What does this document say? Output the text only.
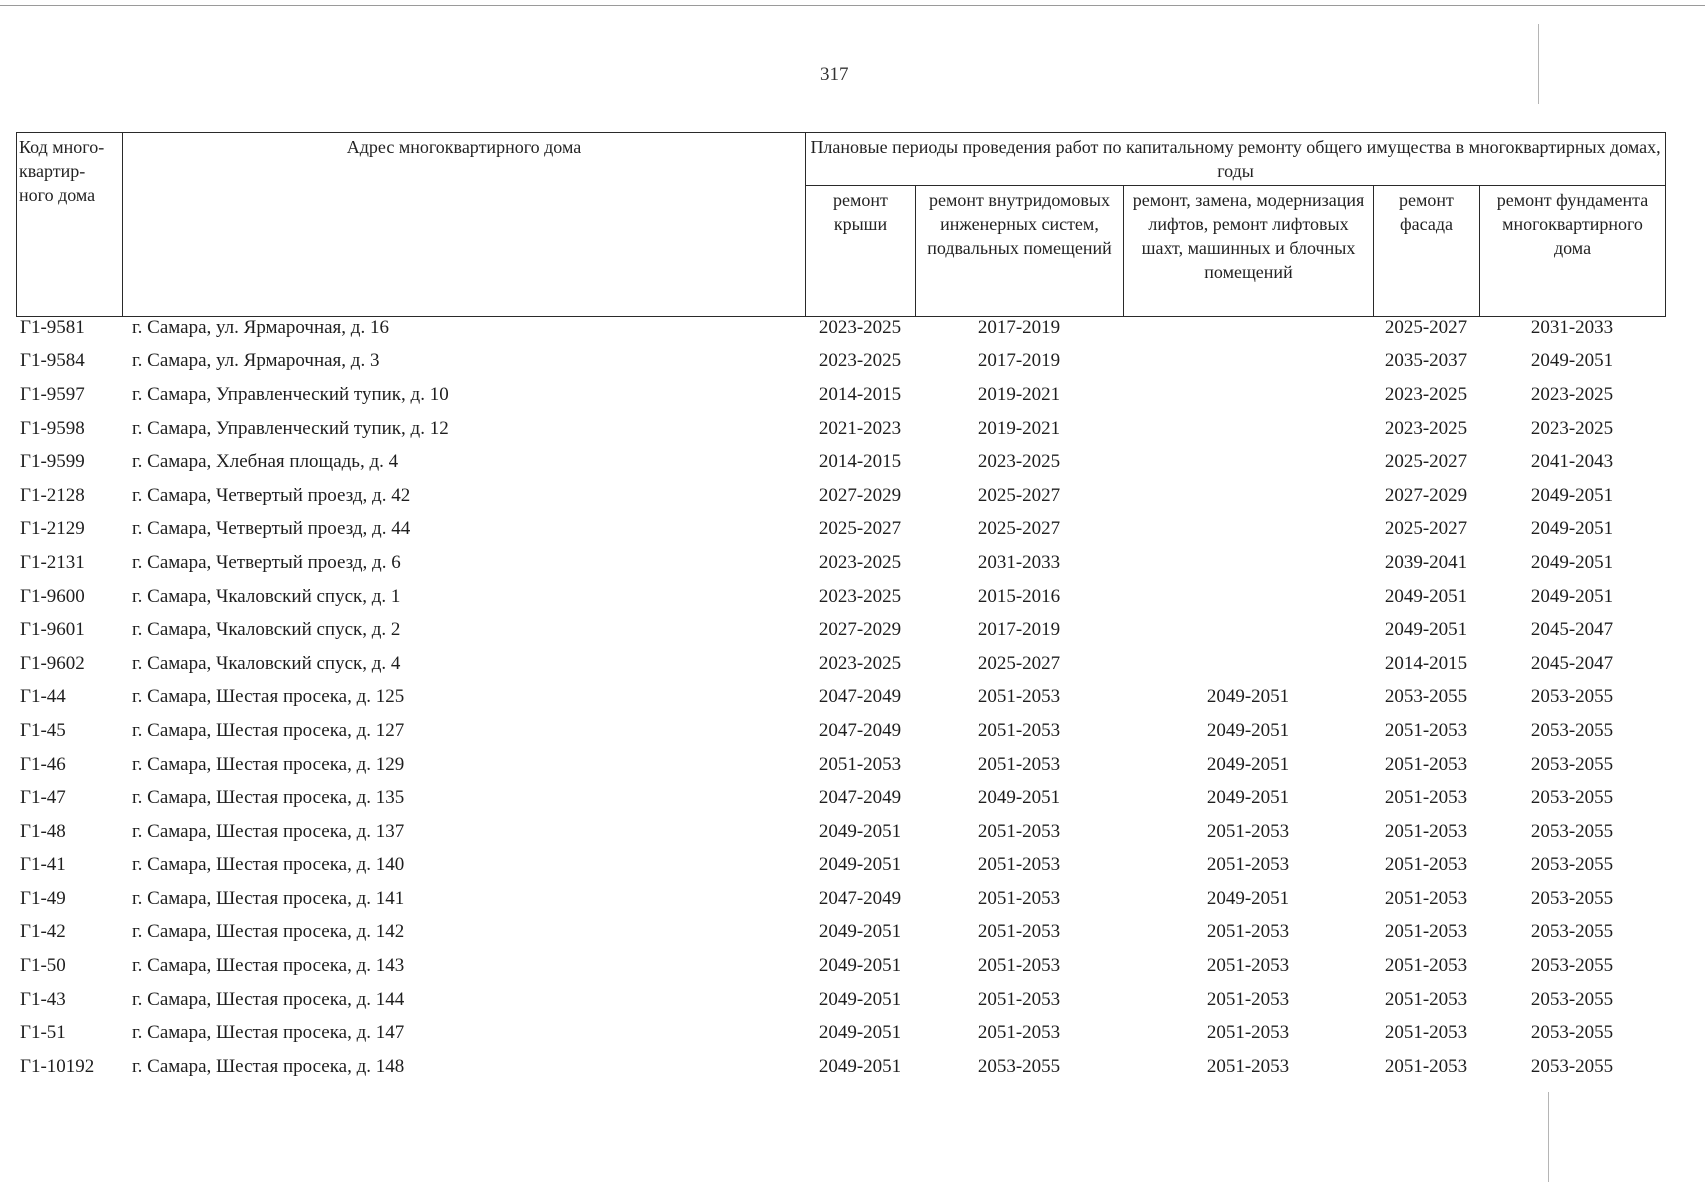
317
Код много-квартир-ного дома	Адрес многоквартирного дома	Плановые периоды проведения работ по капитальному ремонту общего имущества в многоквартирных домах, годы				
		ремонт крыши	ремонт внутридомовых инженерных систем, подвальных помещений	ремонт, замена, модернизация лифтов, ремонт лифтовых шахт, машинных и блочных помещений	ремонт фасада	ремонт фундамента многоквартирного дома
Г1-9581	г. Самара, ул. Ярмарочная, д. 16	2023-2025	2017-2019		2025-2027	2031-2033
Г1-9584	г. Самара, ул. Ярмарочная, д. 3	2023-2025	2017-2019		2035-2037	2049-2051
Г1-9597	г. Самара, Управленческий тупик, д. 10	2014-2015	2019-2021		2023-2025	2023-2025
Г1-9598	г. Самара, Управленческий тупик, д. 12	2021-2023	2019-2021		2023-2025	2023-2025
Г1-9599	г. Самара, Хлебная площадь, д. 4	2014-2015	2023-2025		2025-2027	2041-2043
Г1-2128	г. Самара, Четвертый проезд, д. 42	2027-2029	2025-2027		2027-2029	2049-2051
Г1-2129	г. Самара, Четвертый проезд, д. 44	2025-2027	2025-2027		2025-2027	2049-2051
Г1-2131	г. Самара, Четвертый проезд, д. 6	2023-2025	2031-2033		2039-2041	2049-2051
Г1-9600	г. Самара, Чкаловский спуск, д. 1	2023-2025	2015-2016		2049-2051	2049-2051
Г1-9601	г. Самара, Чкаловский спуск, д. 2	2027-2029	2017-2019		2049-2051	2045-2047
Г1-9602	г. Самара, Чкаловский спуск, д. 4	2023-2025	2025-2027		2014-2015	2045-2047
Г1-44	г. Самара, Шестая просека, д. 125	2047-2049	2051-2053	2049-2051	2053-2055	2053-2055
Г1-45	г. Самара, Шестая просека, д. 127	2047-2049	2051-2053	2049-2051	2051-2053	2053-2055
Г1-46	г. Самара, Шестая просека, д. 129	2051-2053	2051-2053	2049-2051	2051-2053	2053-2055
Г1-47	г. Самара, Шестая просека, д. 135	2047-2049	2049-2051	2049-2051	2051-2053	2053-2055
Г1-48	г. Самара, Шестая просека, д. 137	2049-2051	2051-2053	2051-2053	2051-2053	2053-2055
Г1-41	г. Самара, Шестая просека, д. 140	2049-2051	2051-2053	2051-2053	2051-2053	2053-2055
Г1-49	г. Самара, Шестая просека, д. 141	2047-2049	2051-2053	2049-2051	2051-2053	2053-2055
Г1-42	г. Самара, Шестая просека, д. 142	2049-2051	2051-2053	2051-2053	2051-2053	2053-2055
Г1-50	г. Самара, Шестая просека, д. 143	2049-2051	2051-2053	2051-2053	2051-2053	2053-2055
Г1-43	г. Самара, Шестая просека, д. 144	2049-2051	2051-2053	2051-2053	2051-2053	2053-2055
Г1-51	г. Самара, Шестая просека, д. 147	2049-2051	2051-2053	2051-2053	2051-2053	2053-2055
Г1-10192	г. Самара, Шестая просека, д. 148	2049-2051	2053-2055	2051-2053	2051-2053	2053-2055
